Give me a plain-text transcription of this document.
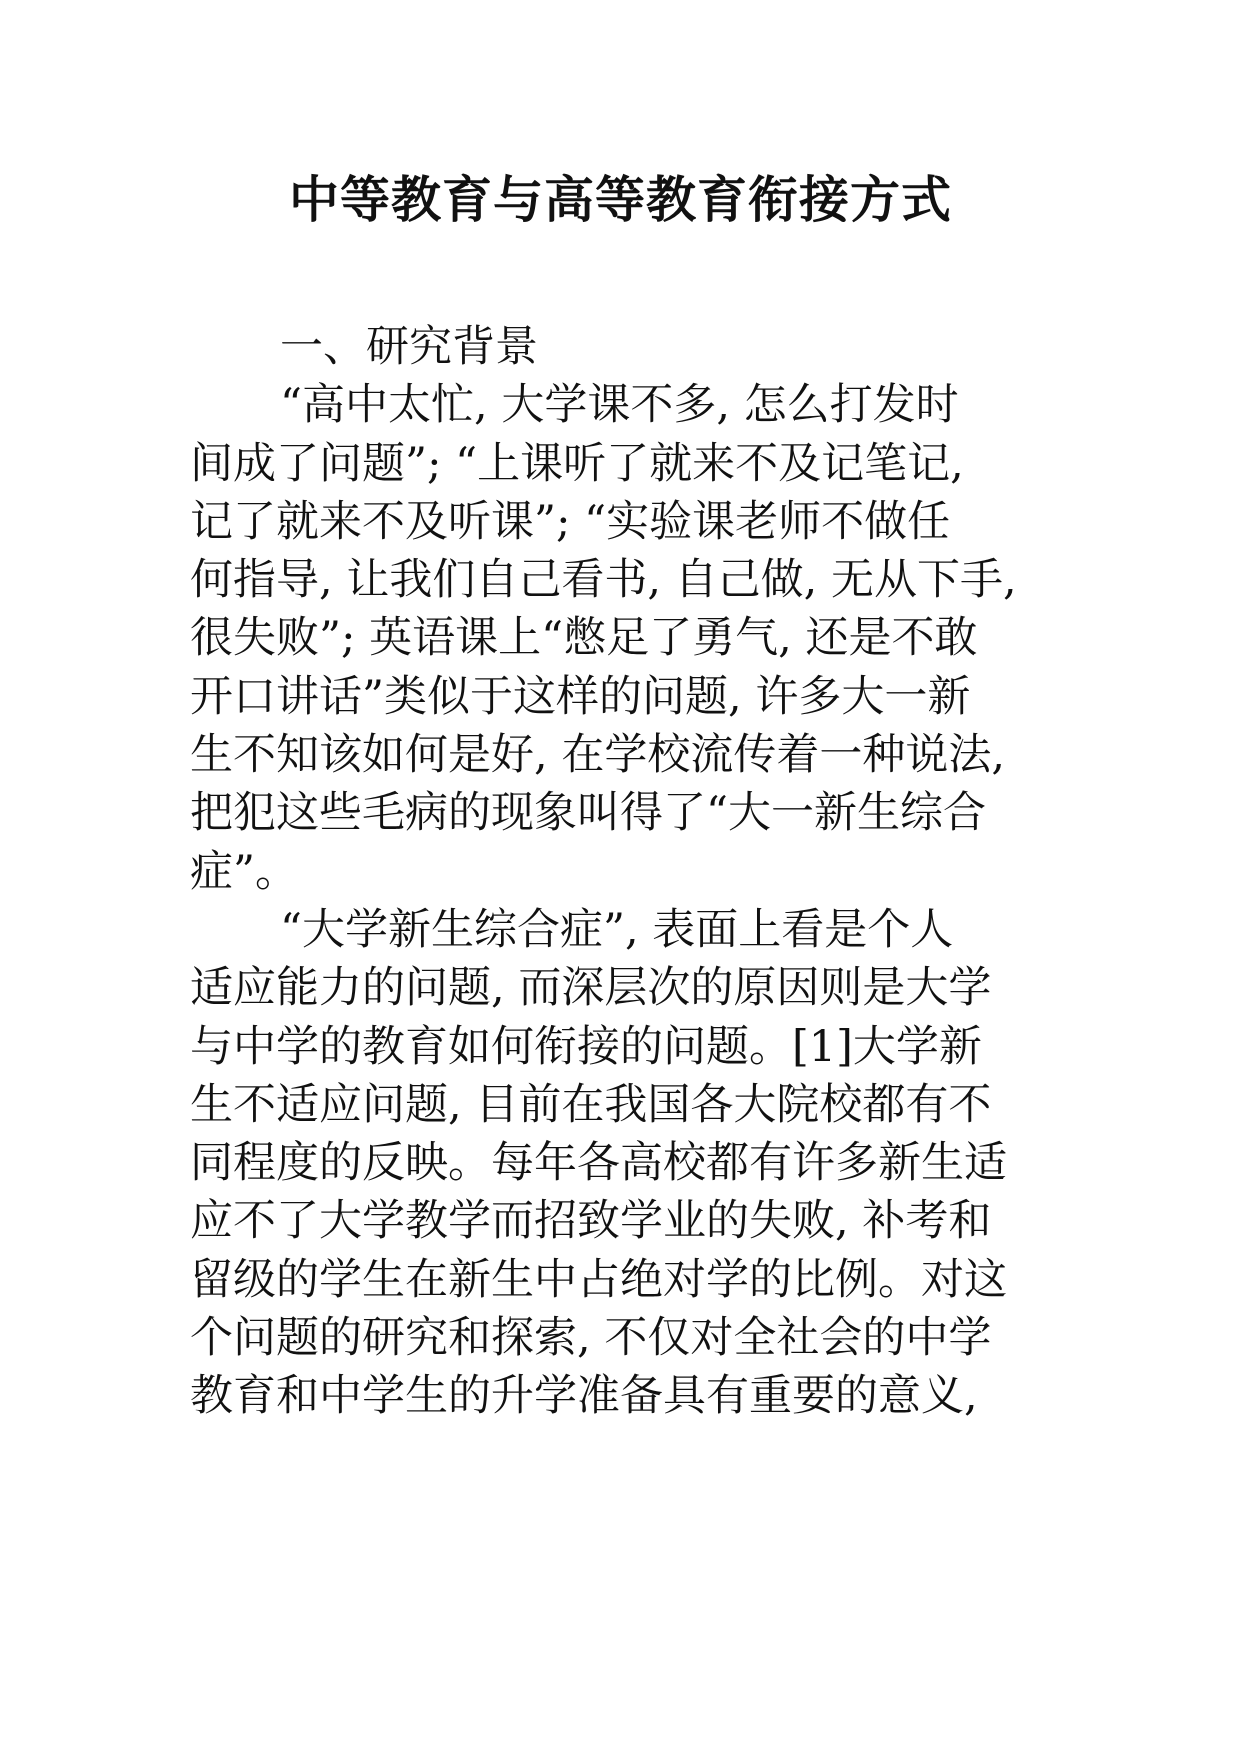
中等教育与高等教育衔接方式
一、研究背景
“高中太忙, 大学课不多, 怎么打发时
间成了问题”; “上课听了就来不及记笔记,
记了就来不及听课”; “实验课老师不做任
何指导, 让我们自己看书, 自己做, 无从下手,
很失败”; 英语课上“憋足了勇气, 还是不敢
开口讲话”类似于这样的问题, 许多大一新
生不知该如何是好, 在学校流传着一种说法,
把犯这些毛病的现象叫得了“大一新生综合
症”。
“大学新生综合症”, 表面上看是个人
适应能力的问题, 而深层次的原因则是大学
与中学的教育如何衔接的问题。[1]大学新
生不适应问题, 目前在我国各大院校都有不
同程度的反映。每年各高校都有许多新生适
应不了大学教学而招致学业的失败, 补考和
留级的学生在新生中占绝对学的比例。对这
个问题的研究和探索, 不仅对全社会的中学
教育和中学生的升学准备具有重要的意义,
